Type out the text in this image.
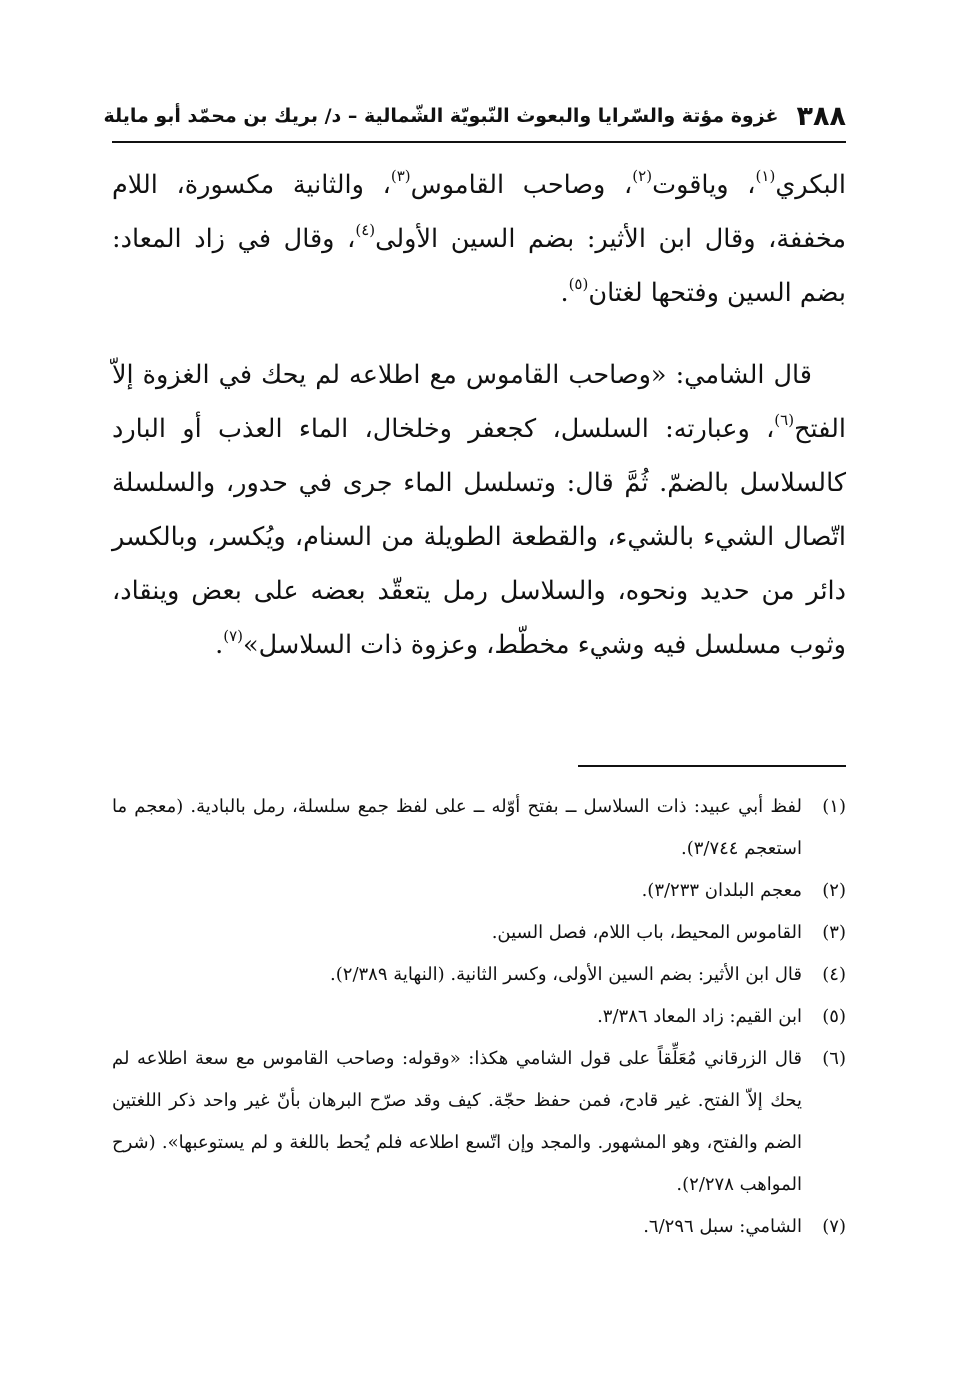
٣٨٨
غزوة مؤتة والسّرايا والبعوث النّبويّة الشّمالية – د/ بريك بن محمّد أبو مايلة

البكري$^{(١)}$، وياقوت$^{(٢)}$، وصاحب القاموس$^{(٣)}$، والثانية مكسورة، اللام مخففة، وقال ابن الأثير: بضم السين الأولى$^{(٤)}$، وقال في زاد المعاد: بضم السين وفتحها لغتان$^{(٥)}$.

قال الشامي: «وصاحب القاموس مع اطلاعه لم يحك في الغزوة إلاّ الفتح$^{(٦)}$، وعبارته: السلسل، كجعفر وخلخال، الماء العذب أو البارد كالسلاسل بالضمّ. ثُمَّ قال: وتسلسل الماء جرى في حدور، والسلسلة اتّصال الشيء بالشيء، والقطعة الطويلة من السنام، ويُكسر، وبالكسر دائر من حديد ونحوه، والسلاسل رمل يتعقّد بعضه على بعض وينقاد، وثوب مسلسل فيه وشيء مخطّط، وعزوة ذات السلاسل»$^{(٧)}$.

(١)
لفظ أبي عبيد: ذات السلاسل ــ بفتح أوّله ــ على لفظ جمع سلسلة، رمل بالبادية. (معجم ما استعجم ٣/٧٤٤).
(٢)
معجم البلدان ٣/٢٣٣).
(٣)
القاموس المحيط، باب اللام، فصل السين.
(٤)
قال ابن الأثير: بضم السين الأولى، وكسر الثانية. (النهاية ٢/٣٨٩).
(٥)
ابن القيم: زاد المعاد ٣/٣٨٦.
(٦)
قال الزرقاني مُعَلِّقاً على قول الشامي هكذا: «وقوله: وصاحب القاموس مع سعة اطلاعه لم يحك إلاّ الفتح. غير قادح، فمن حفظ حجّة. كيف وقد صرّح البرهان بأنّ غير واحد ذكر اللغتين الضم والفتح، وهو المشهور. والمجد وإن اتّسع اطلاعه فلم يُحط باللغة و لم يستوعبها». (شرح المواهب ٢/٢٧٨).
(٧)
الشامي: سبل ٦/٢٩٦.
